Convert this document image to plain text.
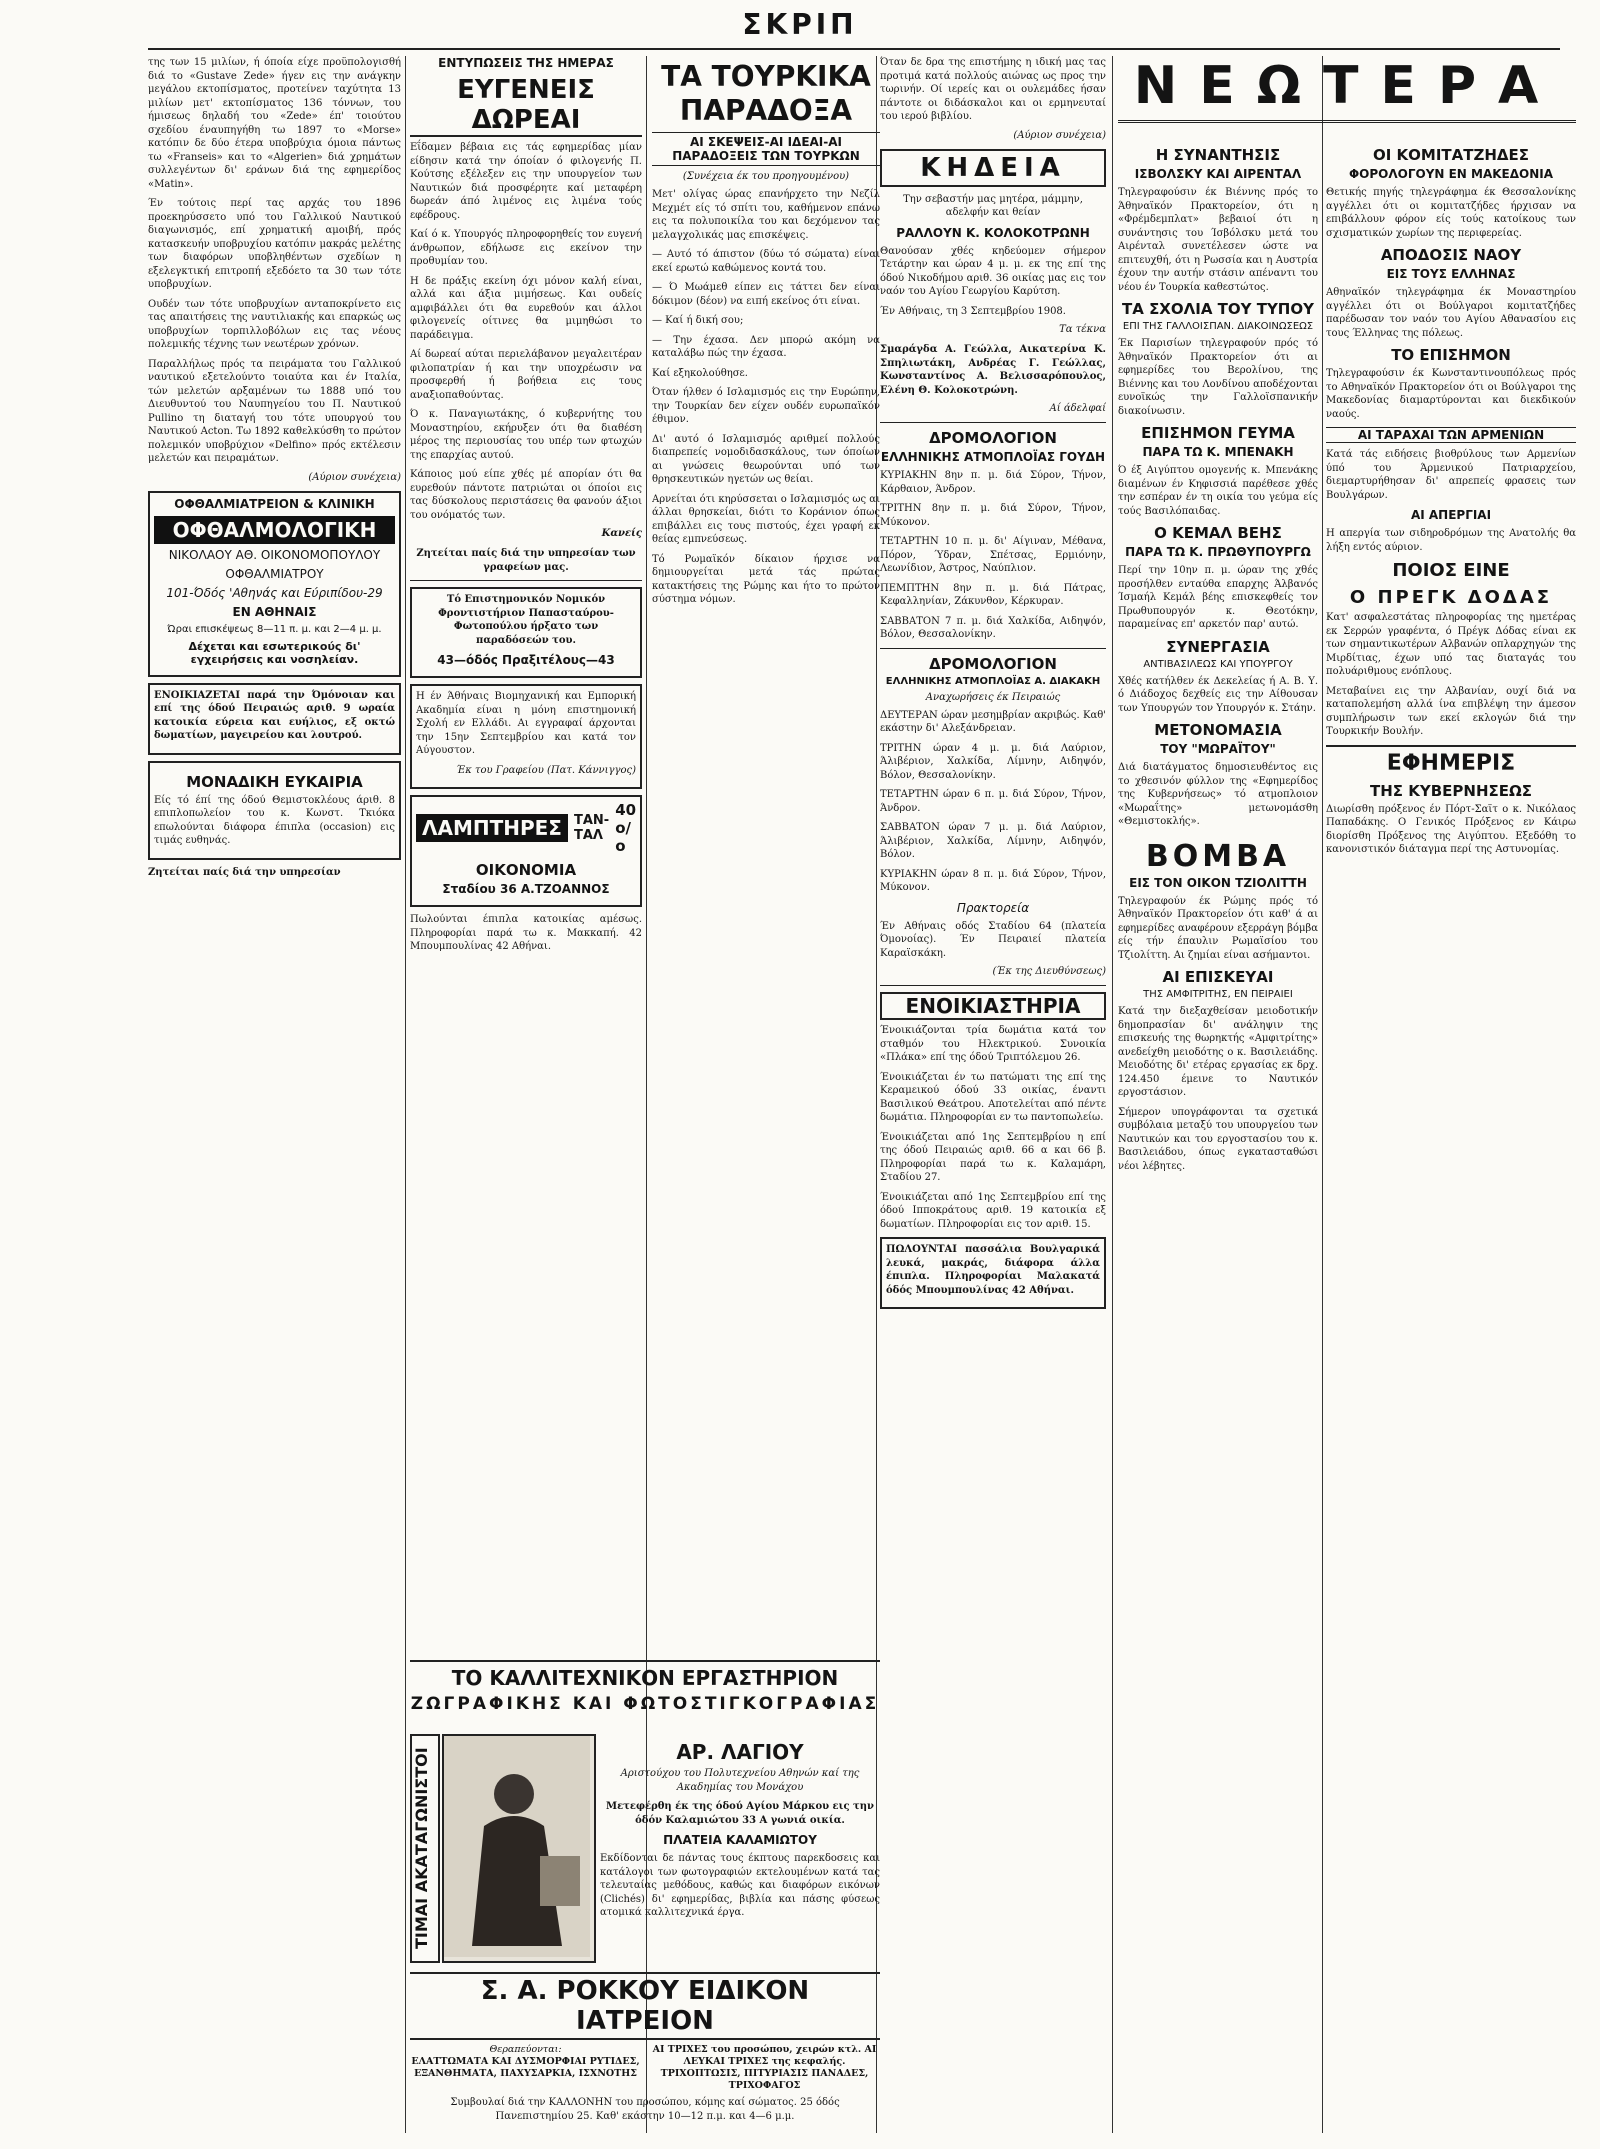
ΣΚΡΙΠ

της των 15 μιλίων, ή όποία είχε προϋπολογισθή διά το «Gustave Zede» ήγεν εις την ανάγκην μεγάλου εκτοπίσματος, προτείνεν ταχύτητα 13 μιλίων μετ' εκτοπίσματος 136 τόννων, του ήμισεως δηλαδή του «Zede» έπ' τοιούτου σχεδίου έναυπηγήθη τω 1897 το «Morse» κατόπιν δε δύο έτερα υποβρύχια όμοια πάντως τω «Franseis» και το «Algerien» διά χρημάτων συλλεγέντων δι' εράνων διά της εφημερίδος «Matin».

Έν τούτοις περί τας αρχάς του 1896 προεκηρύσσετο υπό του Γαλλικού Ναυτικού διαγωνισμός, επί χρηματική αμοιβή, πρός κατασκευήν υποβρυχίου κατόπιν μακράς μελέτης των διαφόρων υποβληθέντων σχεδίων η εξελεγκτική επιτροπή εξεδόετο τα 30 των τότε υποβρυχίων.

Ουδέν των τότε υποβρυχίων ανταποκρίνετο εις τας απαιτήσεις της ναυτιλιακής και επαρκώς ως υποβρυχίων τορπιλλοβόλων εις τας νέους πολεμικής τέχνης των νεωτέρων χρόνων.

Παραλλήλως πρός τα πειράματα του Γαλλικού ναυτικού εξετελούντο τοιαύτα και έν Ιταλία, τών μελετών αρξαμένων τω 1888 υπό του Διευθυντού του Ναυπηγείου του Π. Ναυτικού Pullino τη διαταγή του τότε υπουργού του Ναυτικού Αcton. Τω 1892 καθελκύσθη το πρώτον πολεμικόν υποβρύχιον «Delfino» πρός εκτέλεσιν μελετών και πειραμάτων.

(Αύριον συνέχεια)
ΟΦΘΑΛΜΙΑΤΡΕΙΟΝ & ΚΛΙΝΙΚΗ
ΟΦΘΑΛΜΟΛΟΓΙΚΗ
ΝΙΚΟΛΑΟΥ ΑΘ. ΟΙΚΟΝΟΜΟΠΟΥΛΟΥ
ΟΦΘΑΛΜΙΑΤΡΟΥ
101-Όδός 'Αθηνάς και Εύριπίδου-29
ΕΝ ΑΘΗΝΑΙΣ
Ώραι επισκέψεως 8—11 π. μ. και 2—4 μ. μ.
Δέχεται και εσωτερικούς δι' εγχειρήσεις και νοσηλείαν.

ΕΝΟΙΚΙΑΖΕΤΑΙ παρά την Όμόνοιαν και επί της όδού Πειραιώς αριθ. 9 ωραία κατοικία εύρεια και ευήλιος, εξ οκτώ δωματίων, μαγειρείου και λουτρού.

ΜΟΝΑΔΙΚΗ ΕΥΚΑΙΡΙΑ

Είς τό έπί της όδού Θεμιστοκλέους άριθ. 8 επιπλοπωλείον του κ. Κωνστ. Τκιόκα επωλούνται διάφορα έπιπλα (occasion) εις τιμάς ευθηνάς.

Ζητείται παίς διά την υπηρεσίαν

ΕΝΤΥΠΩΣΕΙΣ ΤΗΣ ΗΜΕΡΑΣ
ΕΥΓΕΝΕΙΣ ΔΩΡΕΑΙ

Εΐδαμεν βέβαια εις τάς εφημερίδας μίαν είδησιν κατά την όποίαν ό φιλογενής Π. Κούτσης εξέλεξεν εις την υπουργείον των Ναυτικών διά προσφέρητε καί μεταφέρη δωρεάν άπό λιμένος εις λιμένα τούς εφέδρους.

Καί ό κ. Υπουργός πληροφορηθείς τον ευγενή άνθρωπον, εδήλωσε εις εκείνον την προθυμίαν του.

Η δε πράξις εκείνη όχι μόνον καλή είναι, αλλά και άξια μιμήσεως. Και ουδείς αμφιβάλλει ότι θα ευρεθούν και άλλοι φιλογενείς οίτινες θα μιμηθώσι το παράδειγμα.

Αί δωρεαί αύται περιελάβανον μεγαλειτέραν φιλοπατρίαν ή και την υποχρέωσιν να προσφερθή ή βοήθεια εις τους αναξιοπαθούντας.

Ό κ. Παναγιωτάκης, ό κυβερνήτης του Μοναστηρίου, εκήρυξεν ότι θα διαθέση μέρος της περιουσίας του υπέρ των φτωχών της επαρχίας αυτού.

Κάποιος μού είπε χθές μέ απορίαν ότι θα ευρεθούν πάντοτε πατριώται οι όποίοι εις τας δύσκολους περιστάσεις θα φανούν άξιοι του ονόματός των.

Κανείς

Ζητείται παίς διά την υπηρεσίαν των γραφείων μας.

Τό Επιστημονικόν Νομικόν Φροντιστήριον Παπασταύρου-Φωτοπούλου ήρξατο των παραδόσεών του.

43—όδός Πραξιτέλους—43

Η έν Άθήναις Βιομηχανική και Εμπορική Ακαδημία είναι η μόνη επιστημονική Σχολή εν Ελλάδι. Αι εγγραφαί άρχονται την 15ην Σεπτεμβρίου και κατά τον Αύγουστον.

Έκ του Γραφείου (Πατ. Κάννιγγος)

ΛΑΜΠΤΗΡΕΣ ΤΑΝ-ΤΑΛ
40 ο/ο
ΟΙΚΟΝΟΜΙΑ
Σταδίου 36 Α.ΤΖΟΑΝΝΟΣ

Πωλούνται έπιπλα κατοικίας αμέσως. Πληροφορίαι παρά τω κ. Μακκαπή. 42 Μπουμπουλίνας 42 Αθήναι.

ΤΑ ΤΟΥΡΚΙΚΑ ΠΑΡΑΔΟΞΑ
ΑΙ ΣΚΕΨΕΙΣ-ΑΙ ΙΔΕΑΙ-ΑΙ ΠΑΡΑΔΟΞΕΙΣ ΤΩΝ ΤΟΥΡΚΩΝ
(Συνέχεια έκ του προηγουμένου)

Μετ' ολίγας ώρας επανήρχετο την Νεζίλ Μεχμέτ είς τό σπίτι του, καθήμενον επάνω εις τα πολυποικίλα του και δεχόμενον τας μελαγχολικάς μας επισκέψεις.

— Αυτό τό άπιστον (δύω τό σώματα) είναι εκεί ερωτώ καθώμενος κοντά του.

— Ό Μωάμεθ είπεν εις τάττει δεν είναι δόκιμον (δέον) να ειπή εκείνος ότι είναι.

— Καί ή δική σου;

— Την έχασα. Δεν μπορώ ακόμη να καταλάβω πώς την έχασα.

Καί εξηκολούθησε.

Όταν ήλθεν ό Ισλαμισμός εις την Ευρώπην, την Τουρκίαν δεν είχεν ουδέν ευρωπαϊκόν έθιμον.

Δι' αυτό ό Ισλαμισμός αριθμεί πολλούς διαπρεπείς νομοδιδασκάλους, των όποίων αι γνώσεις θεωρούνται υπό των θρησκευτικών ηγετών ως θείαι.

Αρνείται ότι κηρύσσεται ο Ισλαμισμός ως αι άλλαι θρησκείαι, διότι το Κοράνιον όπως επιβάλλει εις τους πιστούς, έχει γραφή εκ θείας εμπνεύσεως.

Τό Ρωμαϊκόν δίκαιον ήρχισε να δημιουργείται μετά τάς πρώτας κατακτήσεις της Ρώμης και ήτο το πρώτον σύστημα νόμων.

Όταν δε δρα της επιστήμης η ιδική μας τας προτιμά κατά πολλούς αιώνας ως προς την τωρινήν. Οί ιερείς και οι ουλεμάδες ήσαν πάντοτε οι διδάσκαλοι και οι ερμηνευταί του ιερού βιβλίου.

(Αύριον συνέχεια)
ΚΗΔΕΙΑ

Την σεβαστήν μας μητέρα, μάμμην, αδελφήν και θείαν

ΡΑΛΛΟΥΝ Κ. ΚΟΛΟΚΟΤΡΩΝΗ

Θανούσαν χθές κηδεύομεν σήμερον Τετάρτην και ώραν 4 μ. μ. εκ της επί της όδού Νικοδήμου αριθ. 36 οικίας μας εις τον ναόν του Αγίου Γεωργίου Καρύτση.

Έν Αθήναις, τη 3 Σεπτεμβρίου 1908.

Τα τέκνα

Σμαράγδα Α. Γεώλλα, Αικατερίνα Κ. Σπηλιωτάκη, Ανδρέας Γ. Γεώλλας, Κωνσταντίνος Α. Βελισσαρόπουλος, Ελένη Θ. Κολοκοτρώνη.

Αί άδελφαί
ΔΡΟΜΟΛΟΓΙΟΝ
ΕΛΛΗΝΙΚΗΣ ΑΤΜΟΠΛΟΪΑΣ ΓΟΥΔΗ

ΚΥΡΙΑΚΗΝ 8ην π. μ. διά Σύρον, Τήνον, Κάρθαιον, Άνδρον.

ΤΡΙΤΗΝ 8ην π. μ. διά Σύρον, Τήνον, Μύκονον.

ΤΕΤΑΡΤΗΝ 10 π. μ. δι' Αίγιναν, Μέθανα, Πόρον, Ύδραν, Σπέτσας, Ερμιόνην, Λεωνίδιον, Άστρος, Ναύπλιον.

ΠΕΜΠΤΗΝ 8ην π. μ. διά Πάτρας, Κεφαλληνίαν, Ζάκυνθον, Κέρκυραν.

ΣΑΒΒΑΤΟΝ 7 π. μ. διά Χαλκίδα, Αιδηψόν, Βόλον, Θεσσαλονίκην.

ΔΡΟΜΟΛΟΓΙΟΝ
ΕΛΛΗΝΙΚΗΣ ΑΤΜΟΠΛΟΪΑΣ Α. ΔΙΑΚΑΚΗ
Αναχωρήσεις έκ Πειραιώς

ΔΕΥΤΕΡΑΝ ώραν μεσημβρίαν ακριβώς. Καθ' εκάστην δι' Αλεξάνδρειαν.

ΤΡΙΤΗΝ ώραν 4 μ. μ. διά Λαύριον, Άλιβέριον, Χαλκίδα, Λίμνην, Αιδηψόν, Βόλον, Θεσσαλονίκην.

ΤΕΤΑΡΤΗΝ ώραν 6 π. μ. διά Σύρον, Τήνον, Άνδρον.

ΣΑΒΒΑΤΟΝ ώραν 7 μ. μ. διά Λαύριον, Άλιβέριον, Χαλκίδα, Λίμνην, Αιδηψόν, Βόλον.

ΚΥΡΙΑΚΗΝ ώραν 8 π. μ. διά Σύρον, Τήνον, Μύκονον.

Πρακτορεία

Έν Αθήναις οδός Σταδίου 64 (πλατεία Όμονοίας). Έν Πειραιεί πλατεία Καραϊσκάκη.

(Έκ της Διευθύνσεως)
ΕΝΟΙΚΙΑΣΤΗΡΙΑ

Ένοικιάζονται τρία δωμάτια κατά τον σταθμόν του Ηλεκτρικού. Συνοικία «Πλάκα» επί της όδού Τριπτόλεμου 26.

Ένοικιάζεται έν τω πατώματι της επί της Κεραμεικού όδού 33 οικίας, έναντι Βασιλικού Θεάτρου. Αποτελείται από πέντε δωμάτια. Πληροφορίαι εν τω παντοπωλείω.

Ένοικιάζεται από 1ης Σεπτεμβρίου η επί της όδού Πειραιώς αριθ. 66 α και 66 β. Πληροφορίαι παρά τω κ. Καλαμάρη, Σταδίου 27.

Ένοικιάζεται από 1ης Σεπτεμβρίου επί της όδού Ιπποκράτους αριθ. 19 κατοικία εξ δωματίων. Πληροφορίαι εις τον αριθ. 15.

ΠΩΛΟΥΝΤΑΙ πασσάλια Βουλγαρικά λευκά, μακράς, διάφορα άλλα έπιπλα. Πληροφορίαι Μαλακατά όδός Μπουμπουλίνας 42 Αθήναι.

ΝΕΩΤΕΡΑ
Η ΣΥΝΑΝΤΗΣΙΣ
ΙΣΒΟΛΣΚΥ ΚΑΙ ΑΙΡΕΝΤΑΛ

Τηλεγραφούσιν έκ Βιέννης πρός το Άθηναϊκόν Πρακτορείον, ότι η «Φρέμδεμπλατ» βεβαιοί ότι η συνάντησις του Ίσβόλσκυ μετά του Αιρένταλ συνετέλεσεν ώστε να επιτευχθή, ότι η Ρωσσία και η Αυστρία έχουν την αυτήν στάσιν απέναντι του νέου έν Τουρκία καθεστώτος.

ΤΑ ΣΧΟΛΙΑ ΤΟΥ ΤΥΠΟΥ
ΕΠΙ ΤΗΣ ΓΑΛΛΟΙΣΠΑΝ. ΔΙΑΚΟΙΝΩΣΕΩΣ

Έκ Παρισίων τηλεγραφούν πρός τό Άθηναϊκόν Πρακτορείον ότι αι εφημερίδες του Βερολίνου, της Βιέννης και του Λονδίνου αποδέχονται ευνοϊκώς την Γαλλοϊσπανικήν διακοίνωσιν.

ΕΠΙΣΗΜΟΝ ΓΕΥΜΑ
ΠΑΡΑ ΤΩ Κ. ΜΠΕΝΑΚΗ

Ό έξ Αιγύπτου ομογενής κ. Μπενάκης διαμένων έν Κηφισσιά παρέθεσε χθές την εσπέραν έν τη οικία του γεύμα είς τούς Βασιλόπαιδας.

Ο ΚΕΜΑΛ ΒΕΗΣ
ΠΑΡΑ ΤΩ Κ. ΠΡΩΘΥΠΟΥΡΓΩ

Περί την 10ην π. μ. ώραν της χθές προσήλθεν ενταύθα επαρχης Άλβανός Ίσμαήλ Κεμάλ βέης επισκεφθείς τον Πρωθυπουργόν κ. Θεοτόκην, παραμείνας επ' αρκετόν παρ' αυτώ.

ΣΥΝΕΡΓΑΣΙΑ
ΑΝΤΙΒΑΣΙΛΕΩΣ ΚΑΙ ΥΠΟΥΡΓΟΥ

Χθές κατήλθεν έκ Δεκελείας ή Α. Β. Υ. ό Διάδοχος δεχθείς εις την Αίθουσαν των Υπουργών τον Υπουργόν κ. Στάην.

ΜΕΤΟΝΟΜΑΣΙΑ
ΤΟΥ "ΜΩΡΑΪΤΟΥ"

Διά διατάγματος δημοσιευθέντος εις το χθεσινόν φύλλον της «Εφημερίδος της Κυβερνήσεως» τό ατμοπλοιον «Μωραΐτης» μετωνομάσθη «Θεμιστοκλής».

ΒΟΜΒΑ
ΕΙΣ ΤΟΝ ΟΙΚΟΝ ΤΖΙΟΛΙΤΤΗ

Τηλεγραφούν έκ Ρώμης πρός τό Άθηναϊκόν Πρακτορείον ότι καθ' ά αι εφημερίδες αναφέρουν εξερράγη βόμβα είς τήν έπαυλιν Ρωμαϊσίου του Τζιολίττη. Αι ζημίαι είναι ασήμαντοι.

ΑΙ ΕΠΙΣΚΕΥΑΙ
ΤΗΣ ΑΜΦΙΤΡΙΤΗΣ, ΕΝ ΠΕΙΡΑΙΕΙ

Κατά την διεξαχθείσαν μειοδοτικήν δημοπρασίαν δι' ανάληψιν της επισκευής της θωρηκτής «Αμφιτρίτης» ανεδείχθη μειοδότης ο κ. Βασιλειάδης. Μειοδότης δι' ετέρας εργασίας εκ δρχ. 124.450 έμεινε το Ναυτικόν εργοστάσιον.

Σήμερον υπογράφονται τα σχετικά συμβόλαια μεταξύ του υπουργείου των Ναυτικών και του εργοστασίου του κ. Βασιλειάδου, όπως εγκατασταθώσι νέοι λέβητες.

ΟΙ ΚΟΜΙΤΑΤΖΗΔΕΣ
ΦΟΡΟΛΟΓΟΥΝ ΕΝ ΜΑΚΕΔΟΝΙΑ

Θετικής πηγής τηλεγράφημα έκ Θεσσαλονίκης αγγέλλει ότι οι κομιτατζήδες ήρχισαν να επιβάλλουν φόρον είς τούς κατοίκους των σχισματικών χωρίων της περιφερείας.

ΑΠΟΔΟΣΙΣ ΝΑΟΥ
ΕΙΣ ΤΟΥΣ ΕΛΛΗΝΑΣ

Αθηναϊκόν τηλεγράφημα έκ Μοναστηρίου αγγέλλει ότι οι Βούλγαροι κομιτατζήδες παρέδωσαν τον ναόν του Αγίου Αθανασίου εις τους Έλληνας της πόλεως.

ΤΟ ΕΠΙΣΗΜΟΝ

Τηλεγραφούσιν έκ Κωνσταντινουπόλεως πρός το Αθηναϊκόν Πρακτορείον ότι οι Βούλγαροι της Μακεδονίας διαμαρτύρονται και διεκδικούν ναούς.

ΑΙ ΤΑΡΑΧΑΙ ΤΩΝ ΑΡΜΕΝΙΩΝ

Κατά τάς ειδήσεις βιοθρύλους των Αρμενίων ύπό του Άρμενικού Πατριαρχείου, διεμαρτυρήθησαν δι' απρεπείς φρασεις των Βουλγάρων.

ΑΙ ΑΠΕΡΓΙΑΙ

Η απεργία των σιδηροδρόμων της Ανατολής θα λήξη εντός αύριον.

ΠΟΙΟΣ ΕΙΝΕ
Ο ΠΡΕΓΚ ΔΟΔΑΣ

Κατ' ασφαλεστάτας πληροφορίας της ημετέρας εκ Σερρών γραφέντα, ό Πρέγκ Δόδας είναι εκ των σημαντικωτέρων Αλβανών οπλαρχηγών της Μιρδίτιας, έχων υπό τας διαταγάς του πολυάριθμους ενόπλους.

Μεταβαίνει εις την Αλβανίαν, ουχί διά να καταπολεμήση αλλά ίνα επιβλέψη την άμεσον συμπλήρωσιν των εκεί εκλογών διά την Τουρκικήν Βουλήν.

ΕΦΗΜΕΡΙΣ
ΤΗΣ ΚΥΒΕΡΝΗΣΕΩΣ

Διωρίσθη πρόξενος έν Πόρτ-Σαϊτ ο κ. Νικόλαος Παπαδάκης. Ο Γενικός Πρόξενος εν Κάιρω διορίσθη Πρόξενος της Αιγύπτου. Εξεδόθη το κανονιστικόν διάταγμα περί της Αστυνομίας.

ΤΟ ΚΑΛΛΙΤΕΧΝΙΚΟΝ ΕΡΓΑΣΤΗΡΙΟΝ
ΖΩΓΡΑΦΙΚΗΣ ΚΑΙ ΦΩΤΟΣΤΙΓΚΟΓΡΑΦΙΑΣ
ΤΙΜΑΙ ΑΚΑΤΑΓΩΝΙΣΤΟΙ	ΑΡ. ΛΑΓΙΟΥ

Αριστούχου του Πολυτεχνείου Αθηνών καί της Ακαδημίας του Μονάχου

Μετεφέρθη έκ της όδού Αγίου Μάρκου εις την όδόν Καλαμιώτου 33 Α γωνιά οικία.

ΠΛΑΤΕΙΑ ΚΑΛΑΜΙΩΤΟΥ

Εκδίδονται δε πάντας τους έκπτους παρεκδοσεις και κατάλογοι των φωτογραφιών εκτελουμένων κατά τας τελευταίας μεθόδους, καθώς και διαφόρων εικόνων (Clichés) δι' εφημερίδας, βιβλία και πάσης φύσεως ατομικά καλλιτεχνικά έργα.

Σ. Α. ΡΟΚΚΟΥ ΕΙΔΙΚΟΝ ΙΑΤΡΕΙΟΝ
Θεραπεύονται:
ΕΛΑΤΤΩΜΑΤΑ ΚΑΙ ΔΥΣΜΟΡΦΙΑΙ ΡΥΤΙΔΕΣ, ΕΞΑΝΘΗΜΑΤΑ, ΠΑΧΥΣΑΡΚΙΑ, ΙΣΧΝΟΤΗΣ
ΑΙ ΤΡΙΧΕΣ του προσώπου, χειρών κτλ. ΑΙ ΛΕΥΚΑΙ ΤΡΙΧΕΣ της κεφαλής. ΤΡΙΧΟΠΤΩΣΙΣ, ΠΙΤΥΡΙΑΣΙΣ ΠΑΝΑΔΕΣ, ΤΡΙΧΟΦΑΓΟΣ

Συμβουλαί διά την ΚΑΛΛΟΝΗΝ του προσώπου, κόμης καί σώματος. 25 όδός Πανεπιστημίου 25. Καθ' εκάστην 10—12 π.μ. και 4—6 μ.μ.
